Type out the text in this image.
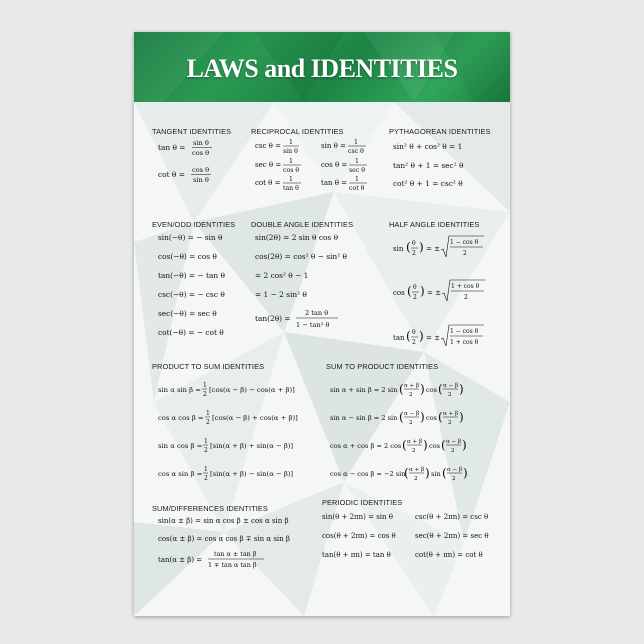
LAWS and IDENTITIES
TANGENT IDENTITIES
tan θ = sin θ
cos θ
cot θ = cos θ
sin θ
RECIPROCAL IDENTITIES
csc θ = 1
sin θ
sec θ = 1
cos θ
cot θ = 1
tan θ
sin θ = 1
csc θ
cos θ = 1
sec θ
tan θ = 1
cot θ
PYTHAGOREAN IDENTITIES
sin² θ + cos² θ = 1
tan² θ + 1 = sec² θ
cot² θ + 1 = csc² θ
EVEN/ODD IDENTITIES
sin(−θ) = − sin θ
cos(−θ) = cos θ
tan(−θ) = − tan θ
csc(−θ) = − csc θ
sec(−θ) = sec θ
cot(−θ) = − cot θ
DOUBLE ANGLE IDENTITIES
sin(2θ) = 2 sin θ cos θ
cos(2θ) = cos² θ − sin² θ
= 2 cos² θ − 1
= 1 − 2 sin² θ
tan(2θ) =
2 tan θ
1 − tan² θ
HALF ANGLE IDENTITIES
sin ( θ
2 ) = ±
1 − cos θ
2
cos ( θ
2 ) = ±
1 + cos θ
2
tan ( θ
2 ) = ±
1 − cos θ
1 + cos θ
PRODUCT TO SUM IDENTITIES
sin α sin β =
1
2
[cos(α − β) − cos(α + β)]
cos α cos β =
1
2
[cos(α − β) + cos(α + β)]
sin α cos β =
1
2
[sin(α + β) + sin(α − β)]
cos α sin β =
1
2
[sin(α + β) − sin(α − β)]
SUM TO PRODUCT IDENTITIES
sin α + sin β = 2 sin ( α + β
2 ) cos ( α − β
2 )
sin α − sin β = 2 sin ( α − β
2 ) cos ( α + β
2 )
cos α + cos β = 2 cos ( α + β
2 ) cos ( α − β
2 )
cos α − cos β = −2 sin
( α + β
2 ) sin ( α − β
2 )
SUM/DIFFERENCES IDENTITIES
sin(α ± β) = sin α cos β ± cos α sin β
cos(α ± β) = cos α cos β ∓ sin α sin β
tan(α ± β) =
tan α ± tan β
1 ∓ tan α tan β
PERIODIC IDENTITIES
sin(θ + 2πn) = sin θ
cos(θ + 2πn) = cos θ
tan(θ + πn) = tan θ
csc(θ + 2πn) = csc θ
sec(θ + 2πn) = sec θ
cot(θ + πn) = cot θ
